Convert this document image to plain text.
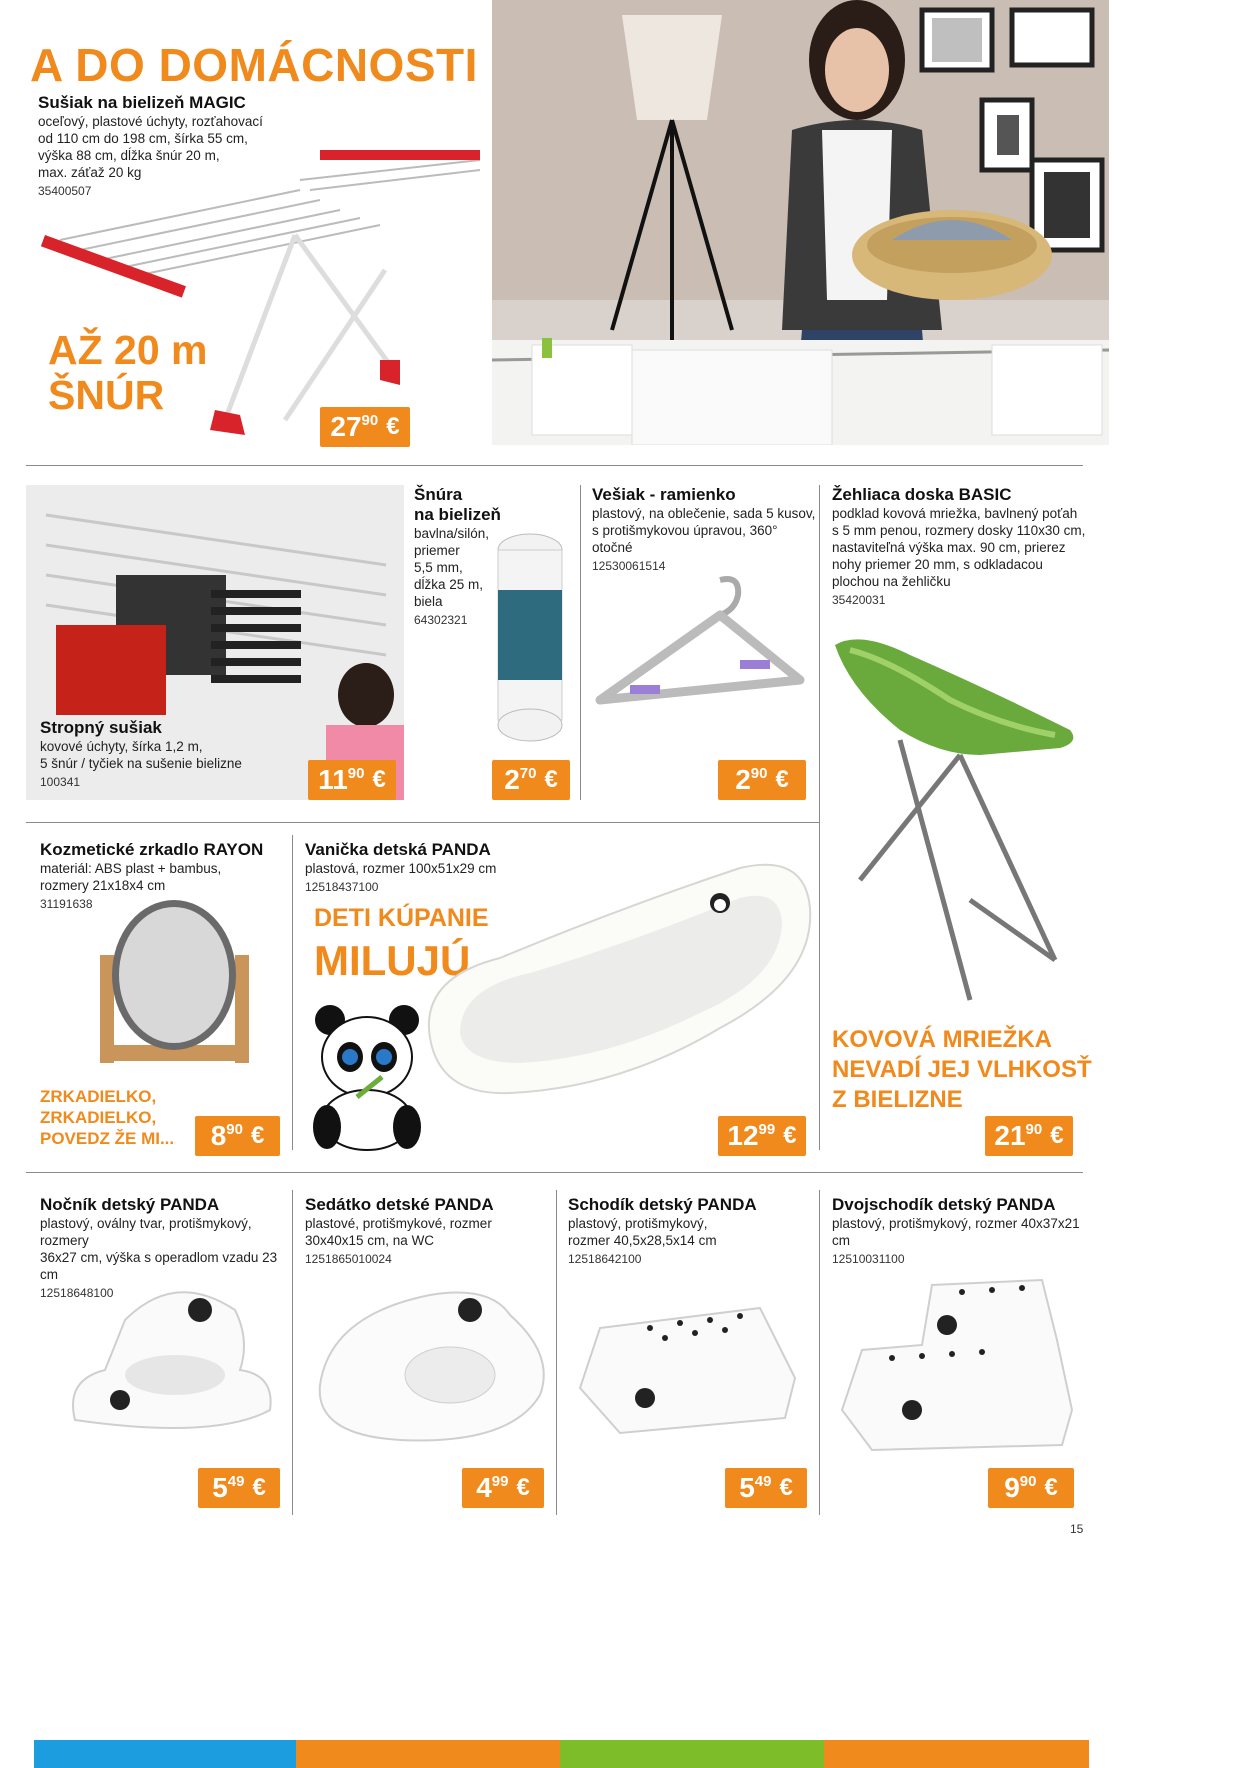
A DO DOMÁCNOSTI
Sušiak na bielizeň MAGIC
oceľový, plastové úchyty, rozťahovací
od 110 cm do 198 cm, šírka 55 cm,
výška 88 cm, dĺžka šnúr 20 m,
max. záťaž 20 kg
35400507
AŽ 20 m
ŠNÚR
27 90 €
Stropný sušiak
kovové úchyty, šírka 1,2 m,
5 šnúr / tyčiek na sušenie bielizne
100341	11 90 €
Šnúra
na bielizeň
bavlna/silón,
priemer
5,5 mm,
dĺžka 25 m,
biela
64302321
2 70 €
Vešiak - ramienko
plastový, na oblečenie, sada 5 kusov,
s protišmykovou úpravou, 360° otočné
12530061514
2 90 €
Žehliaca doska BASIC
podklad kovová mriežka, bavlnený poťah
s 5 mm penou, rozmery dosky 110x30 cm,
nastaviteľná výška max. 90 cm, prierez
nohy priemer 20 mm, s odkladacou
plochou na žehličku
35420031
KOVOVÁ MRIEŽKA
NEVADÍ JEJ VLHKOSŤ
Z BIELIZNE
21 90 €
Kozmetické zrkadlo RAYON
materiál: ABS plast + bambus,
rozmery 21x18x4 cm
31191638
ZRKADIELKO,
ZRKADIELKO,
POVEDZ ŽE MI... 8 90 €
Vanička detská PANDA
plastová, rozmer 100x51x29 cm
12518437100
DETI KÚPANIE
MILUJÚ
12 99 €
Nočník detský PANDA
plastový, oválny tvar, protišmykový, rozmery
36x27 cm, výška s operadlom vzadu 23 cm
12518648100
5 49 €
Sedátko detské PANDA
plastové, protišmykové, rozmer
30x40x15 cm, na WC
1251865010024
4 99 €
Schodík detský PANDA
plastový, protišmykový,
rozmer 40,5x28,5x14 cm
12518642100
5 49 €
Dvojschodík detský PANDA
plastový, protišmykový, rozmer 40x37x21 cm
12510031100
9 90 €
15
